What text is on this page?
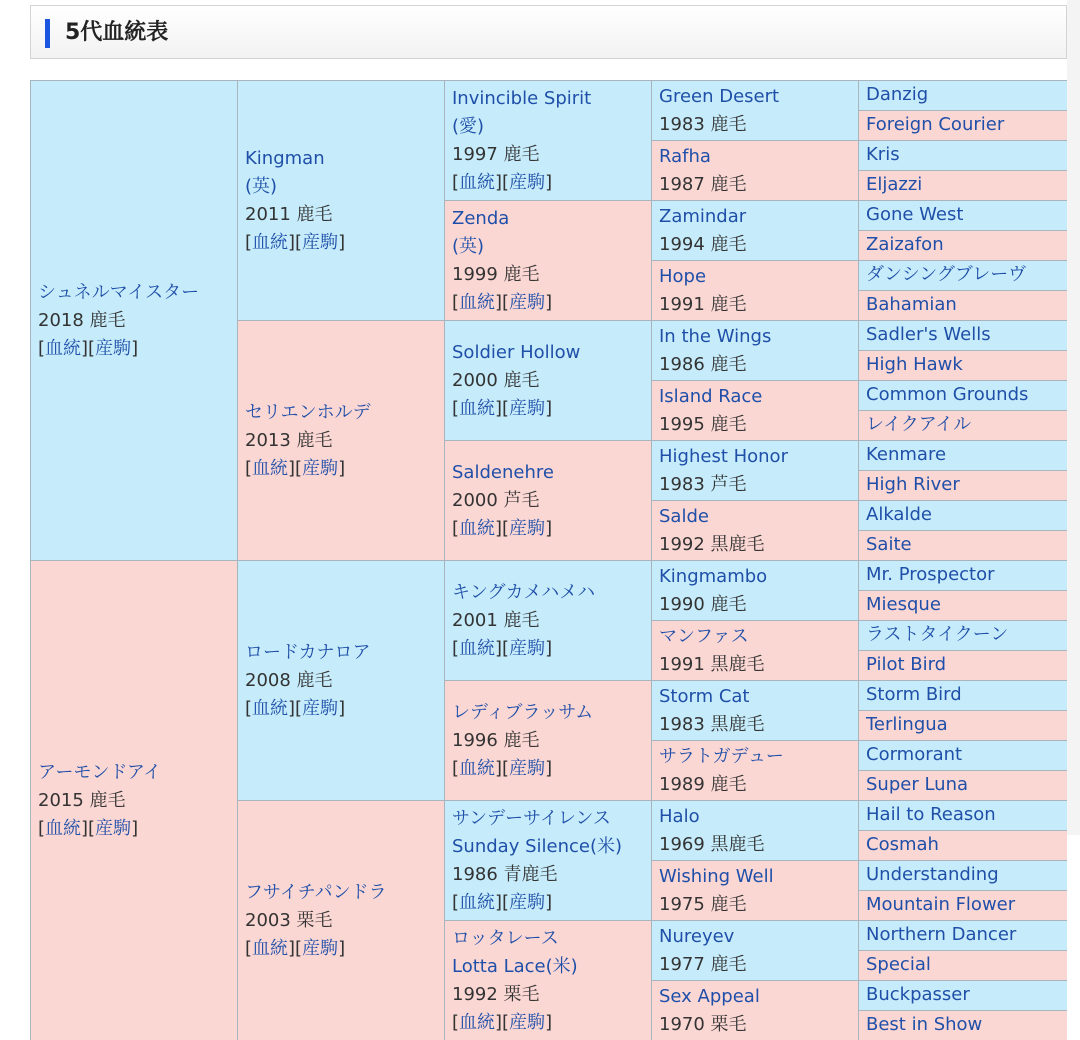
5代血統表
シュネルマイスター
2018 鹿毛
[血統][産駒]
Kingman
(英)
2011 鹿毛
[血統][産駒]
Invincible Spirit
(愛)
1997 鹿毛
[血統][産駒]
Green Desert
1983 鹿毛
Danzig
Foreign Courier
Rafha
1987 鹿毛
Kris
Eljazzi
Zenda
(英)
1999 鹿毛
[血統][産駒]
Zamindar
1994 鹿毛
Gone West
Zaizafon
Hope
1991 鹿毛
ダンシングブレーヴ
Bahamian
セリエンホルデ
2013 鹿毛
[血統][産駒]
Soldier Hollow
2000 鹿毛
[血統][産駒]
In the Wings
1986 鹿毛
Sadler's Wells
High Hawk
Island Race
1995 鹿毛
Common Grounds
レイクアイル
Saldenehre
2000 芦毛
[血統][産駒]
Highest Honor
1983 芦毛
Kenmare
High River
Salde
1992 黒鹿毛
Alkalde
Saite
アーモンドアイ
2015 鹿毛
[血統][産駒]
ロードカナロア
2008 鹿毛
[血統][産駒]
キングカメハメハ
2001 鹿毛
[血統][産駒]
Kingmambo
1990 鹿毛
Mr. Prospector
Miesque
マンファス
1991 黒鹿毛
ラストタイクーン
Pilot Bird
レディブラッサム
1996 鹿毛
[血統][産駒]
Storm Cat
1983 黒鹿毛
Storm Bird
Terlingua
サラトガデュー
1989 鹿毛
Cormorant
Super Luna
フサイチパンドラ
2003 栗毛
[血統][産駒]
サンデーサイレンス
Sunday Silence(米)
1986 青鹿毛
[血統][産駒]
Halo
1969 黒鹿毛
Hail to Reason
Cosmah
Wishing Well
1975 鹿毛
Understanding
Mountain Flower
ロッタレース
Lotta Lace(米)
1992 栗毛
[血統][産駒]
Nureyev
1977 鹿毛
Northern Dancer
Special
Sex Appeal
1970 栗毛
Buckpasser
Best in Show
